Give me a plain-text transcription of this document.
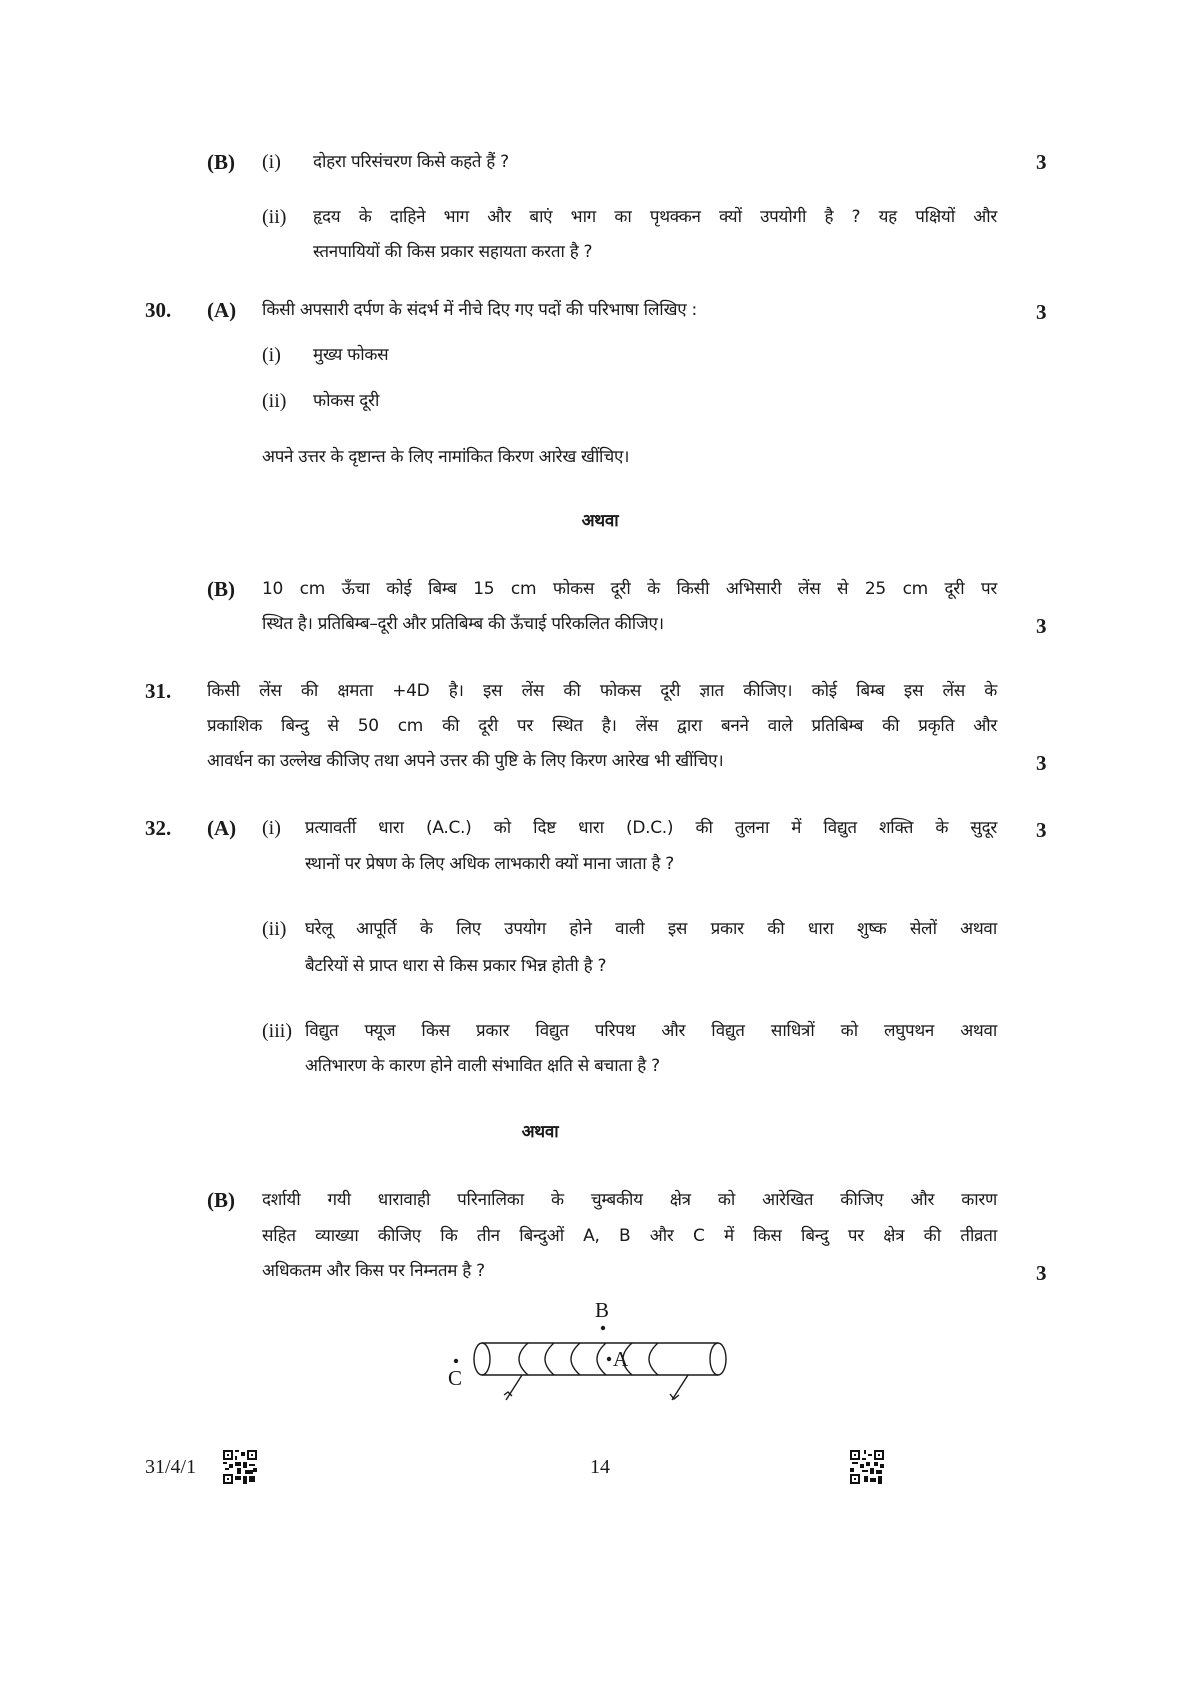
(B) (i) दोहरा परिसंचरण किसे कहते हैं ?	3
(ii) हृदय के दाहिने भाग और बाएं भाग का पृथक्कन क्यों उपयोगी है ? यह पक्षियों और
स्तनपायियों की किस प्रकार सहायता करता है ?
30. (A) किसी अपसारी दर्पण के संदर्भ में नीचे दिए गए पदों की परिभाषा लिखिए :	3
(i) मुख्य फोकस
(ii) फोकस दूरी
अपने उत्तर के दृष्टान्त के लिए नामांकित किरण आरेख खींचिए।
अथवा
(B) 10 cm ऊँचा कोई बिम्ब 15 cm फोकस दूरी के किसी अभिसारी लेंस से 25 cm दूरी पर
स्थित है। प्रतिबिम्ब–दूरी और प्रतिबिम्ब की ऊँचाई परिकलित कीजिए।	3
31. किसी लेंस की क्षमता +4D है। इस लेंस की फोकस दूरी ज्ञात कीजिए। कोई बिम्ब इस लेंस के
प्रकाशिक बिन्दु से 50 cm की दूरी पर स्थित है। लेंस द्वारा बनने वाले प्रतिबिम्ब की प्रकृति और
आवर्धन का उल्लेख कीजिए तथा अपने उत्तर की पुष्टि के लिए किरण आरेख भी खींचिए।	3
32. (A) (i) प्रत्यावर्ती धारा (A.C.) को दिष्ट धारा (D.C.) की तुलना में विद्युत शक्ति के सुदूर 3
स्थानों पर प्रेषण के लिए अधिक लाभकारी क्यों माना जाता है ?
(ii) घरेलू आपूर्ति के लिए उपयोग होने वाली इस प्रकार की धारा शुष्क सेलों अथवा
बैटरियों से प्राप्त धारा से किस प्रकार भिन्न होती है ?
(iii) विद्युत फ्यूज किस प्रकार विद्युत परिपथ और विद्युत साधित्रों को लघुपथन अथवा
अतिभारण के कारण होने वाली संभावित क्षति से बचाता है ?
अथवा
(B) दर्शायी गयी धारावाही परिनालिका के चुम्बकीय क्षेत्र को आरेखित कीजिए और कारण
सहित व्याख्या कीजिए कि तीन बिन्दुओं A, B और C में किस बिन्दु पर क्षेत्र की तीव्रता
अधिकतम और किस पर निम्नतम है ?	3
B
A
C
31/4/1	14
